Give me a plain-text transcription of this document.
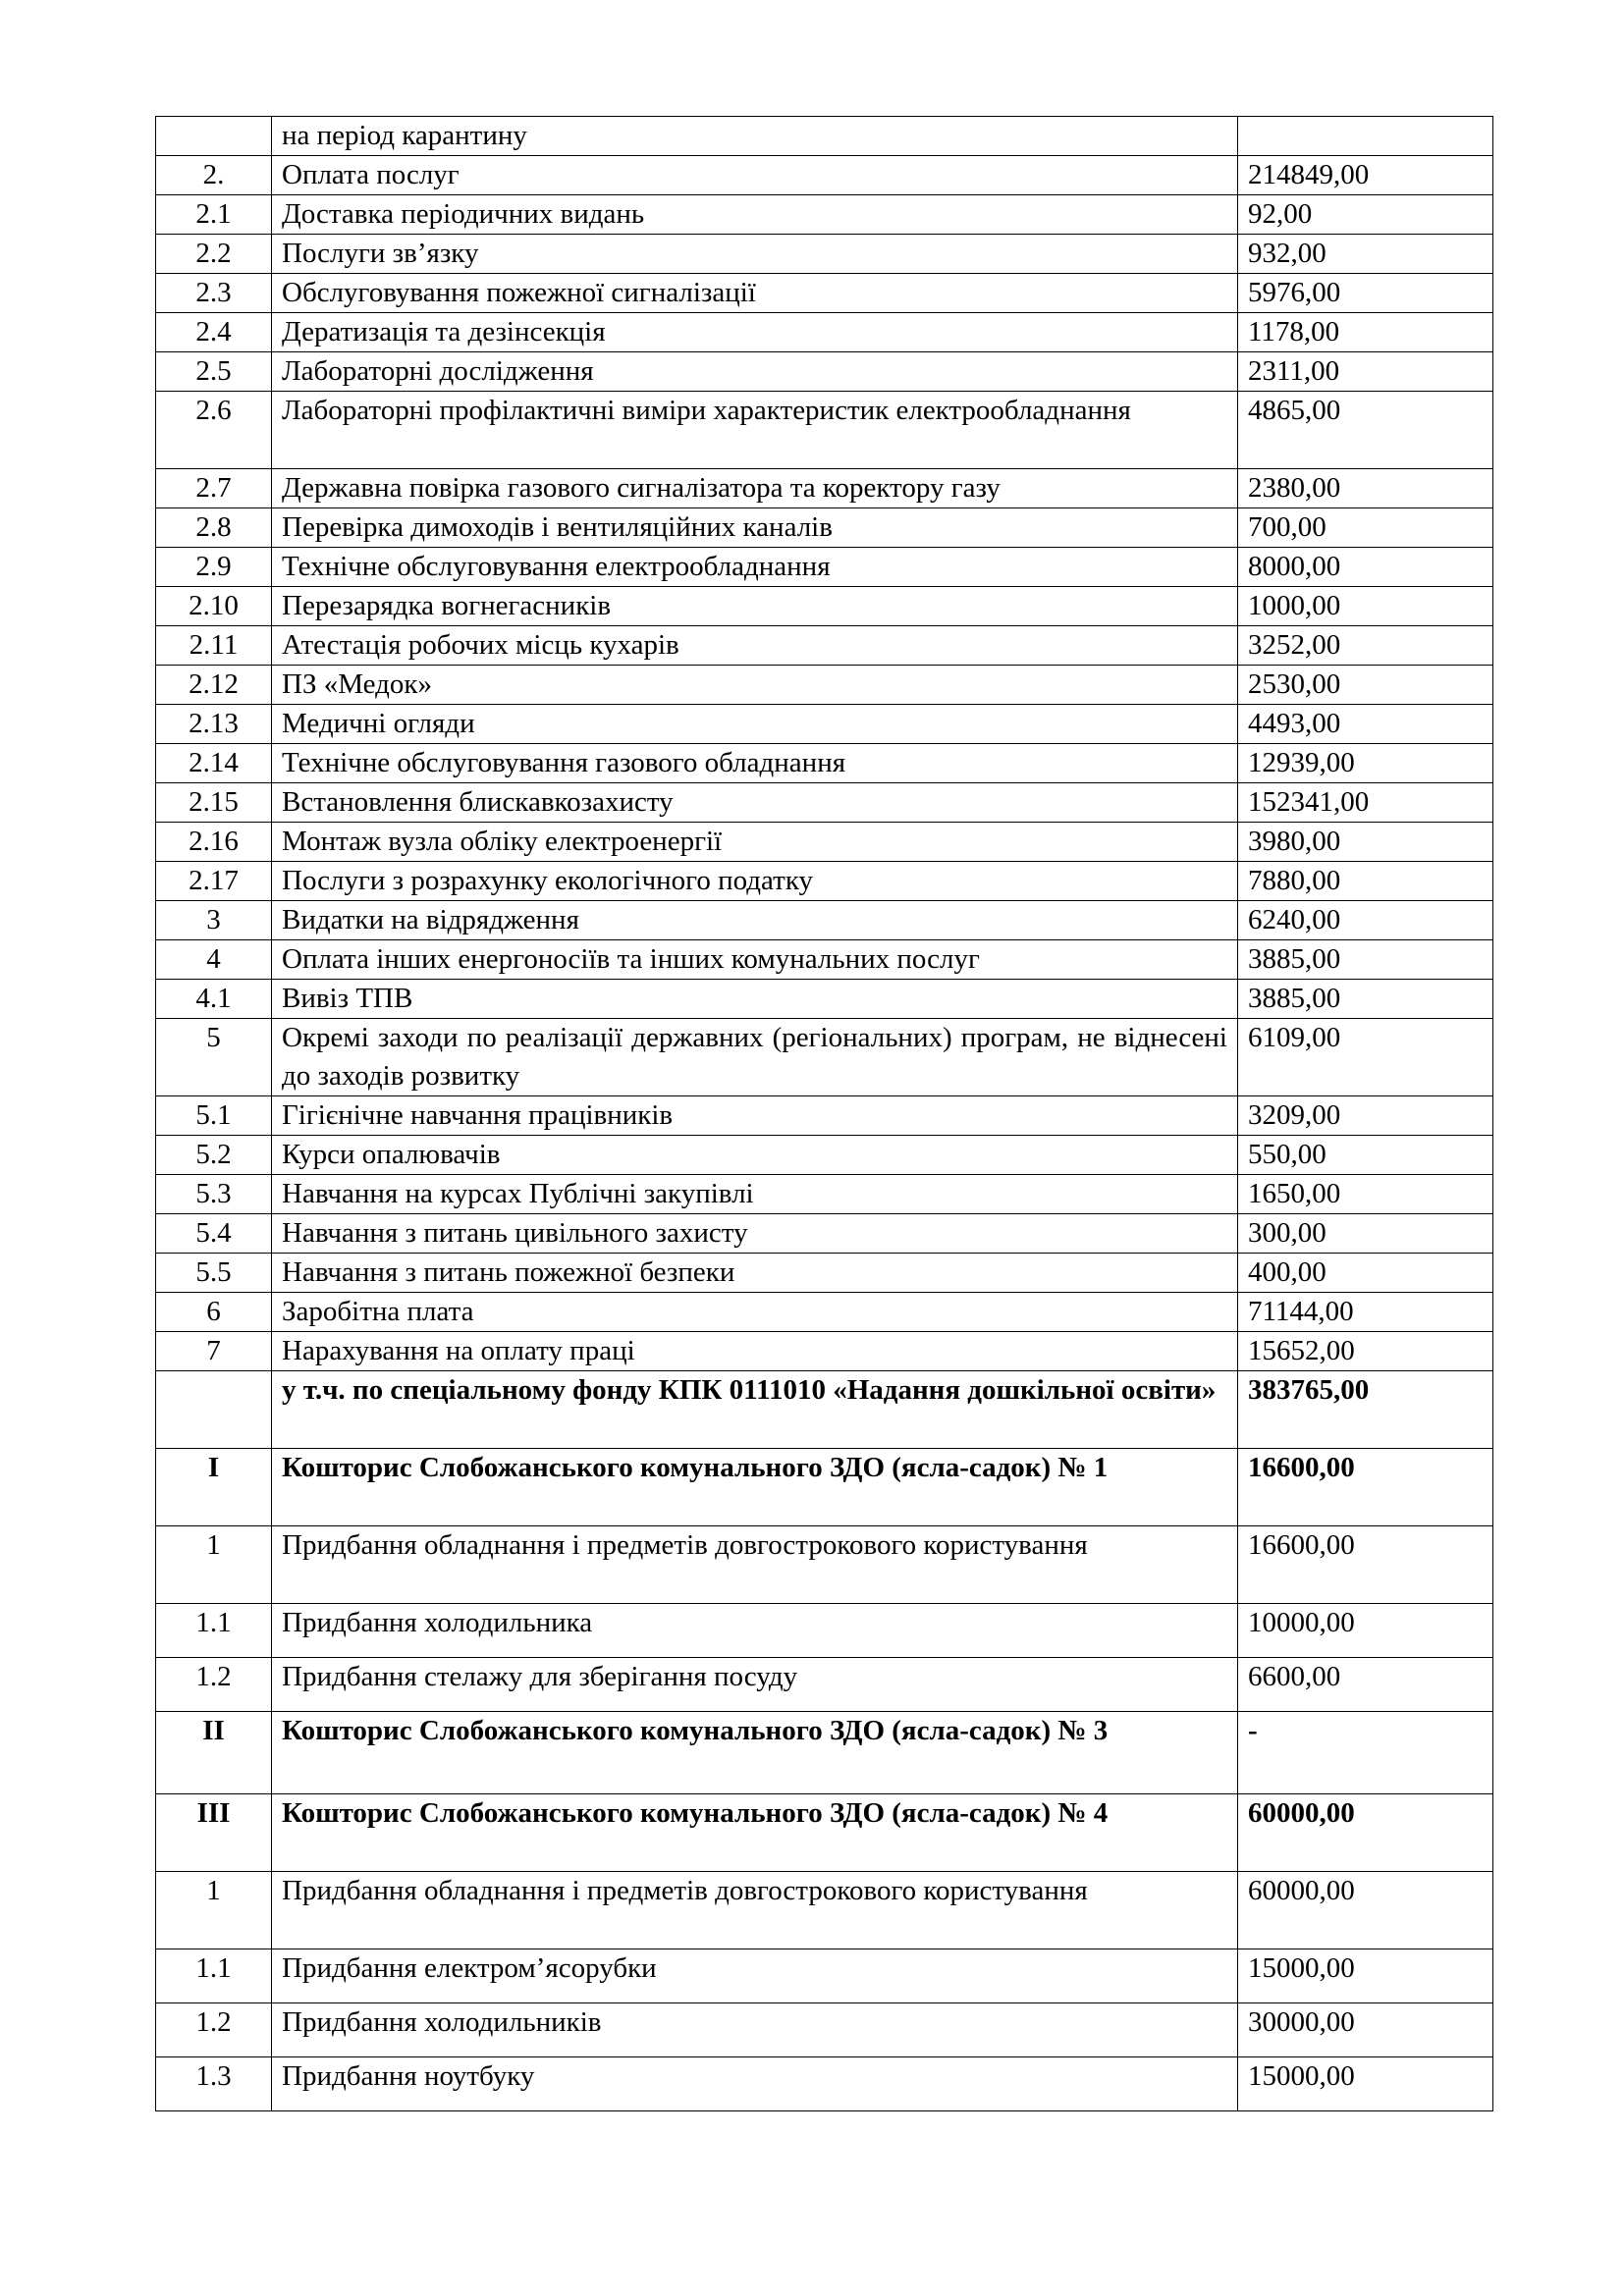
	на період карантину	
2.	Оплата послуг	214849,00
2.1	Доставка періодичних видань	92,00
2.2	Послуги зв’язку	932,00
2.3	Обслуговування пожежної сигналізації	5976,00
2.4	Дератизація та дезінсекція	1178,00
2.5	Лабораторні дослідження	2311,00
2.6	Лабораторні профілактичні виміри характеристик електрообладнання	4865,00
2.7	Державна повірка газового сигналізатора та коректору газу	2380,00
2.8	Перевірка димоходів і вентиляційних каналів	700,00
2.9	Технічне обслуговування електрообладнання	8000,00
2.10	Перезарядка вогнегасників	1000,00
2.11	Атестація робочих місць кухарів	3252,00
2.12	ПЗ «Медок»	2530,00
2.13	Медичні огляди	4493,00
2.14	Технічне обслуговування газового обладнання	12939,00
2.15	Встановлення блискавкозахисту	152341,00
2.16	Монтаж вузла обліку електроенергії	3980,00
2.17	Послуги з розрахунку екологічного податку	7880,00
3	Видатки на відрядження	6240,00
4	Оплата інших енергоносіїв та інших комунальних послуг	3885,00
4.1	Вивіз ТПВ	3885,00
5	Окремі заходи по реалізації державних (регіональних) програм, не віднесені до заходів розвитку	6109,00
5.1	Гігієнічне навчання працівників	3209,00
5.2	Курси опалювачів	550,00
5.3	Навчання на курсах Публічні закупівлі	1650,00
5.4	Навчання з питань цивільного захисту	300,00
5.5	Навчання з питань пожежної безпеки	400,00
6	Заробітна плата	71144,00
7	Нарахування на оплату праці	15652,00
	у т.ч. по спеціальному фонду КПК 0111010 «Надання дошкільної освіти»	383765,00
I	Кошторис Слобожанського комунального ЗДО (ясла-садок) № 1	16600,00
1	Придбання обладнання і предметів довгострокового користування	16600,00
1.1	Придбання холодильника	10000,00
1.2	Придбання стелажу для зберігання посуду	6600,00
II	Кошторис Слобожанського комунального ЗДО (ясла-садок) № 3	-
III	Кошторис Слобожанського комунального ЗДО (ясла-садок) № 4	60000,00
1	Придбання обладнання і предметів довгострокового користування	60000,00
1.1	Придбання електром’ясорубки	15000,00
1.2	Придбання холодильників	30000,00
1.3	Придбання ноутбуку	15000,00
